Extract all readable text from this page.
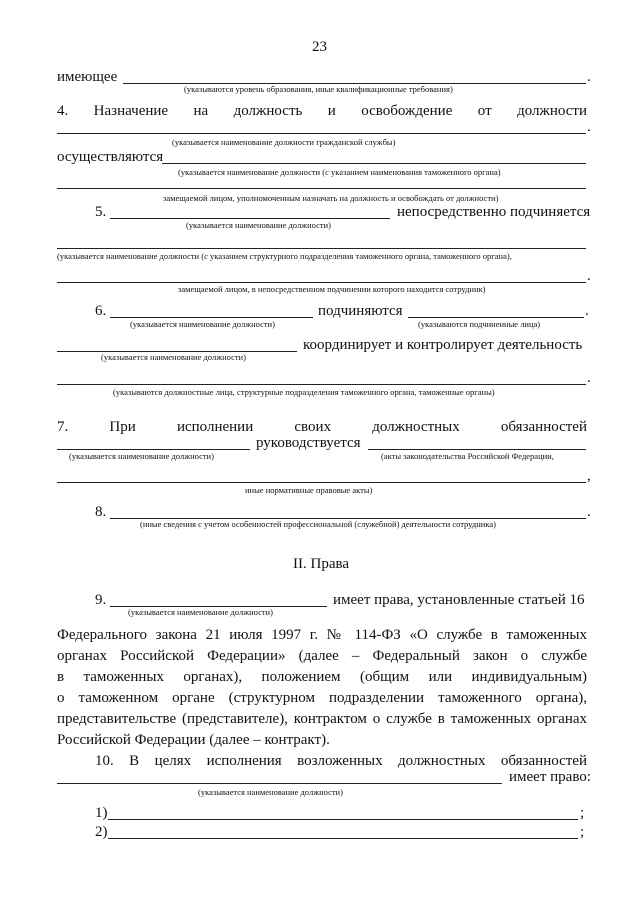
23
имеющее	.
(указываются уровень образования, иные квалификационные требования)
4. Назначение на должность и освобождение от должности
.
(указывается наименование должности гражданской службы)
осуществляются
(указывается наименование должности (с указанием наименования таможенного органа)
замещаемой лицом, уполномоченным назначать на должность и освобождать от должности)
5.	непосредственно подчиняется
(указывается наименование должности)
(указывается наименование должности (с указанием структурного подразделения таможенного органа, таможенного органа),
.
замещаемой лицом, в непосредственном подчинении которого находится сотрудник)
6.	подчиняются	.
(указывается наименование должности)	(указываются подчиненные лица)
координирует и контролирует деятельность
(указывается наименование должности)
.
(указываются должностные лица, структурные подразделения таможенного органа, таможенные органы)
7. При исполнении своих должностных обязанностей
руководствуется
(указывается наименование должности)	(акты законодательства Российской Федерации,
,
иные нормативные правовые акты)
8.	.
(иные сведения с учетом особенностей профессиональной (служебной) деятельности сотрудника)
II. Права
9.	имеет права, установленные статьей 16
(указывается наименование должности)
Федерального закона 21 июля 1997 г. № 114-ФЗ «О службе в таможенных
органах Российской Федерации» (далее – Федеральный закон о службе
в таможенных органах), положением (общим или индивидуальным)
о таможенном органе (структурном подразделении таможенного органа),
представительстве (представителе), контрактом о службе в таможенных органах
Российской Федерации (далее – контракт).
10. В целях исполнения возложенных должностных обязанностей
имеет право:
(указывается наименование должности)
1)	;
2)	;
